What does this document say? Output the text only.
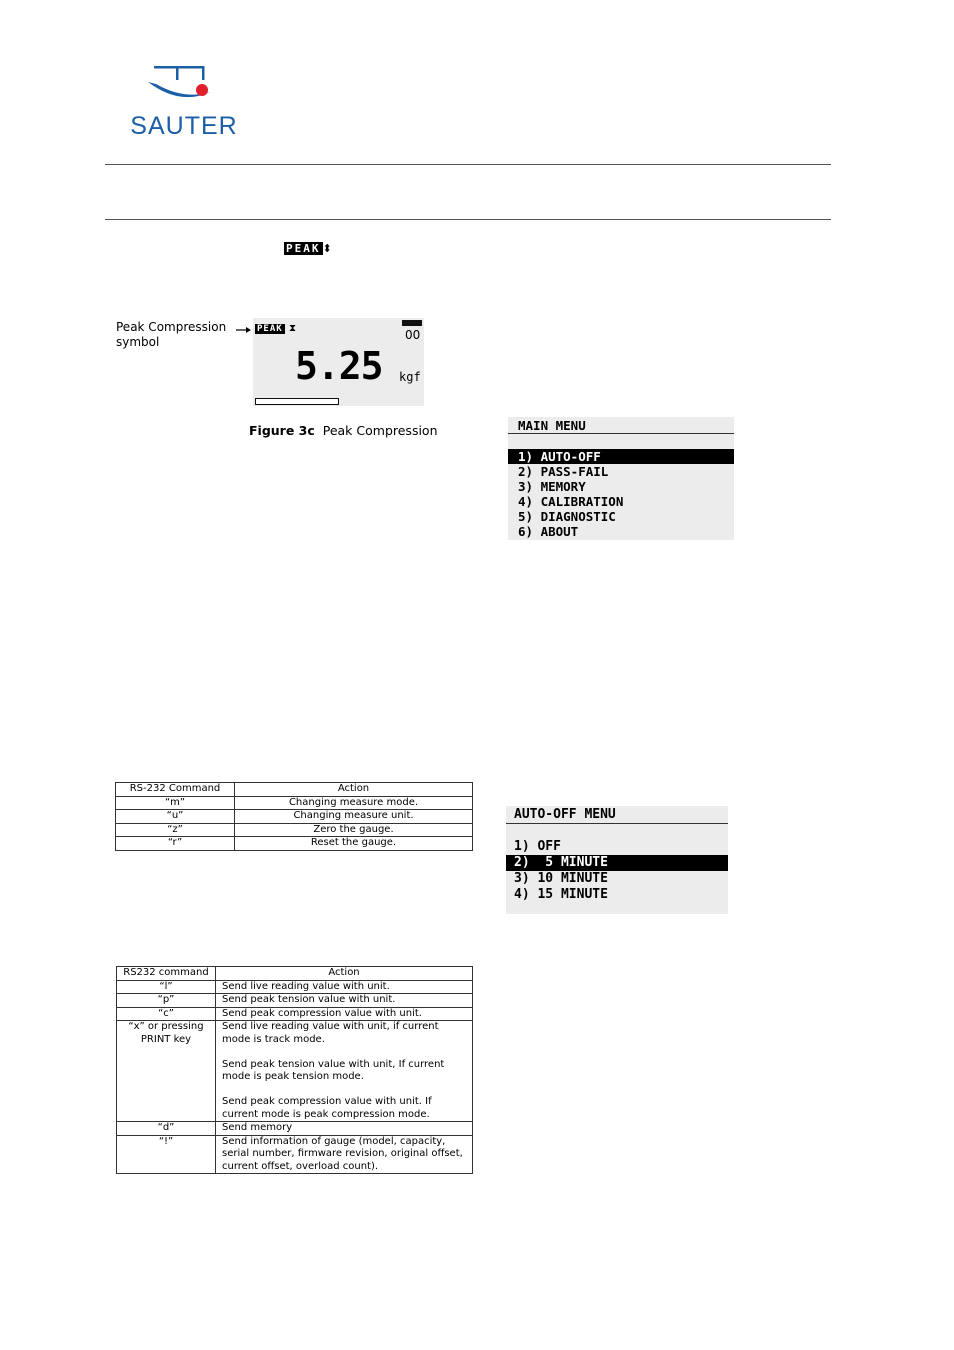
SAUTER
PEAK ⬍
Peak Compression
symbol
PEAK ⧗	00
5.25 kgf
Figure 3c Peak Compression	MAIN MENU
1) AUTO-OFF
2) PASS-FAIL
3) MEMORY
4) CALIBRATION
5) DIAGNOSTIC
6) ABOUT
AUTO-OFF MENU
1) OFF
2)  5 MINUTE
3) 10 MINUTE
4) 15 MINUTE
RS-232 Command	Action
“m”	Changing measure mode.
“u”	Changing measure unit.
“z”	Zero the gauge.
“r”	Reset the gauge.
RS232 command	Action
“l”	Send live reading value with unit.
“p”	Send peak tension value with unit.
“c”	Send peak compression value with unit.
“x” or pressing PRINT key	Send live reading value with unit, if current mode is track mode.

Send peak tension value with unit, If current mode is peak tension mode.

Send peak compression value with unit. If current mode is peak compression mode.
“d”	Send memory
“!”	Send information of gauge (model, capacity, serial number, firmware revision, original offset, current offset, overload count).
